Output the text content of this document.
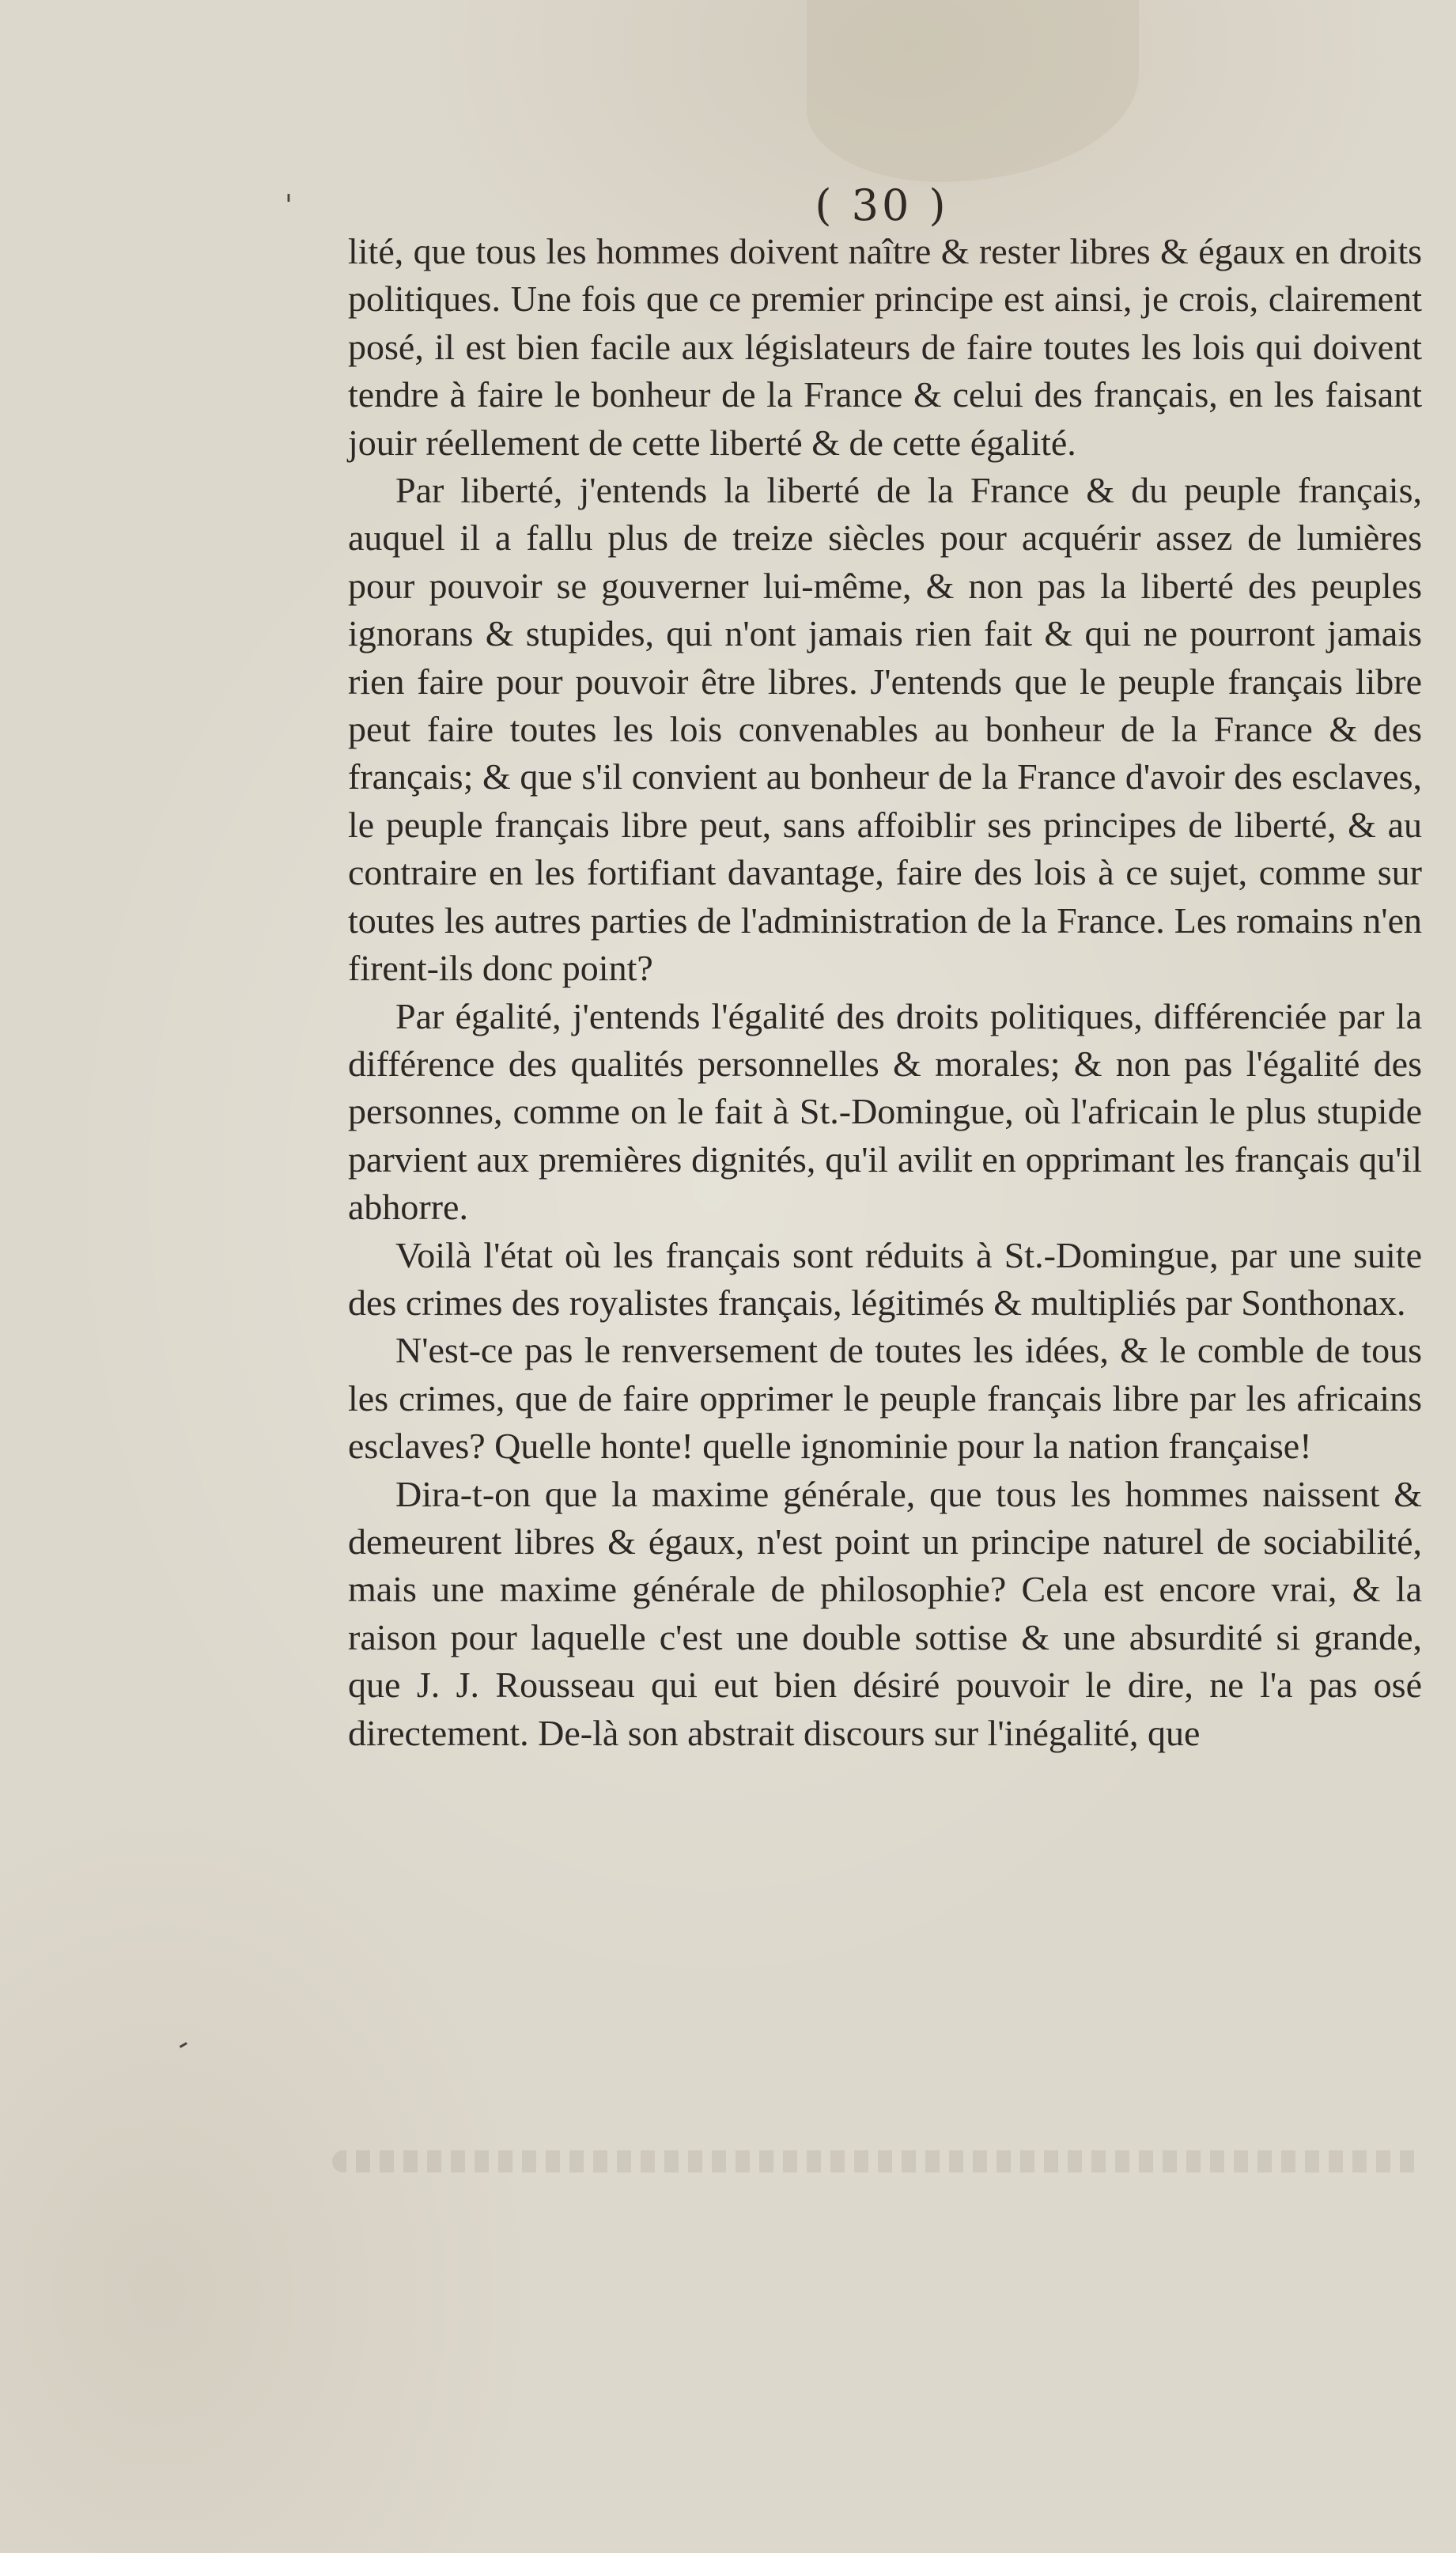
'
-
( 30 )

lité, que tous les hommes doivent naître & rester libres & égaux en droits politiques. Une fois que ce premier principe est ainsi, je crois, clairement posé, il est bien facile aux législateurs de faire toutes les lois qui doivent tendre à faire le bonheur de la France & celui des français, en les faisant jouir réellement de cette liberté & de cette égalité.

Par liberté, j'entends la liberté de la France & du peuple français, auquel il a fallu plus de treize siècles pour acquérir assez de lumières pour pouvoir se gouverner lui-même, & non pas la liberté des peuples ignorans & stupides, qui n'ont jamais rien fait & qui ne pourront jamais rien faire pour pouvoir être libres. J'entends que le peuple français libre peut faire toutes les lois convenables au bonheur de la France & des français; & que s'il convient au bonheur de la France d'avoir des esclaves, le peuple français libre peut, sans affoiblir ses principes de liberté, & au contraire en les fortifiant davantage, faire des lois à ce sujet, comme sur toutes les autres parties de l'administration de la France. Les romains n'en firent-ils donc point?

Par égalité, j'entends l'égalité des droits politiques, différenciée par la différence des qualités personnelles & morales; & non pas l'égalité des personnes, comme on le fait à St.-Domingue, où l'africain le plus stupide parvient aux premières dignités, qu'il avilit en opprimant les français qu'il abhorre.

Voilà l'état où les français sont réduits à St.-Domingue, par une suite des crimes des royalistes français, légitimés & multipliés par Sonthonax.

N'est-ce pas le renversement de toutes les idées, & le comble de tous les crimes, que de faire opprimer le peuple français libre par les africains esclaves? Quelle honte! quelle ignominie pour la nation française!

Dira-t-on que la maxime générale, que tous les hommes naissent & demeurent libres & égaux, n'est point un principe naturel de sociabilité, mais une maxime générale de philosophie? Cela est encore vrai, & la raison pour laquelle c'est une double sottise & une absurdité si grande, que J. J. Rousseau qui eut bien désiré pouvoir le dire, ne l'a pas osé directement. De-là son abstrait discours sur l'inégalité, que
